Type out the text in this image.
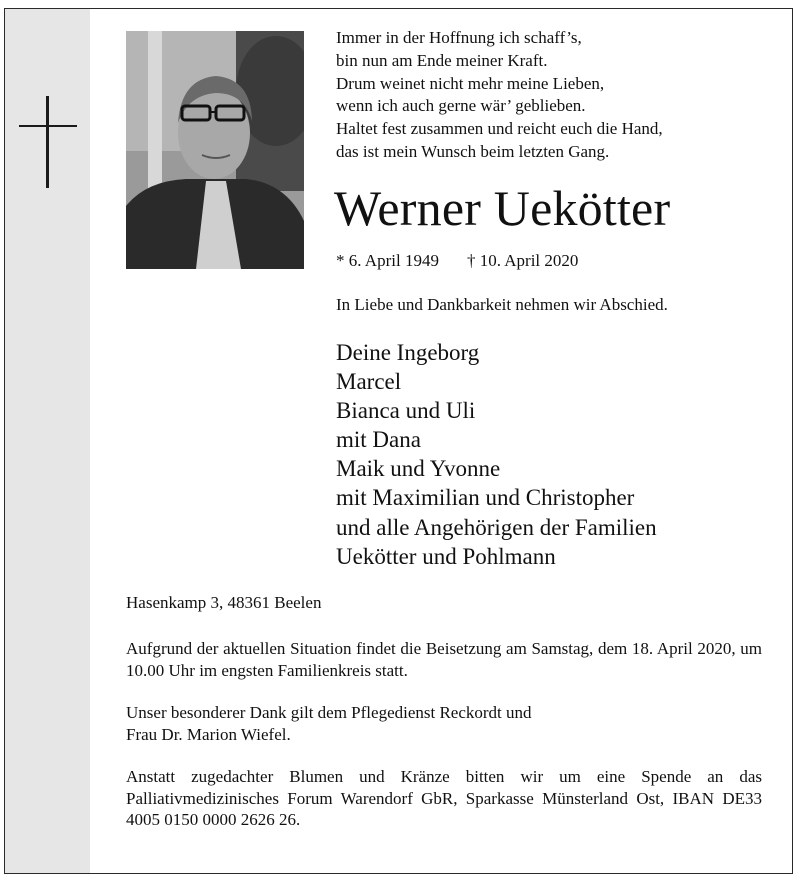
Immer in der Hoffnung ich schaff’s,
bin nun am Ende meiner Kraft.
Drum weinet nicht mehr meine Lieben,
wenn ich auch gerne wär’ geblieben.
Haltet fest zusammen und reicht euch die Hand,
das ist mein Wunsch beim letzten Gang.
Werner Uekötter
* 6. April 1949 † 10. April 2020
In Liebe und Dankbarkeit nehmen wir Abschied.
Deine Ingeborg
Marcel
Bianca und Uli
mit Dana
Maik und Yvonne
mit Maximilian und Christopher
und alle Angehörigen der Familien
Uekötter und Pohlmann

Hasenkamp 3, 48361 Beelen

Aufgrund der aktuellen Situation findet die Beisetzung am Samstag, dem 18. April 2020, um 10.00 Uhr im engsten Familienkreis statt.

Unser besonderer Dank gilt dem Pflegedienst Reckordt und
Frau Dr. Marion Wiefel.

Anstatt zugedachter Blumen und Kränze bitten wir um eine Spende an das Palliativmedizinisches Forum Warendorf GbR, Sparkasse Münsterland Ost, IBAN DE33 4005 0150 0000 2626 26.
